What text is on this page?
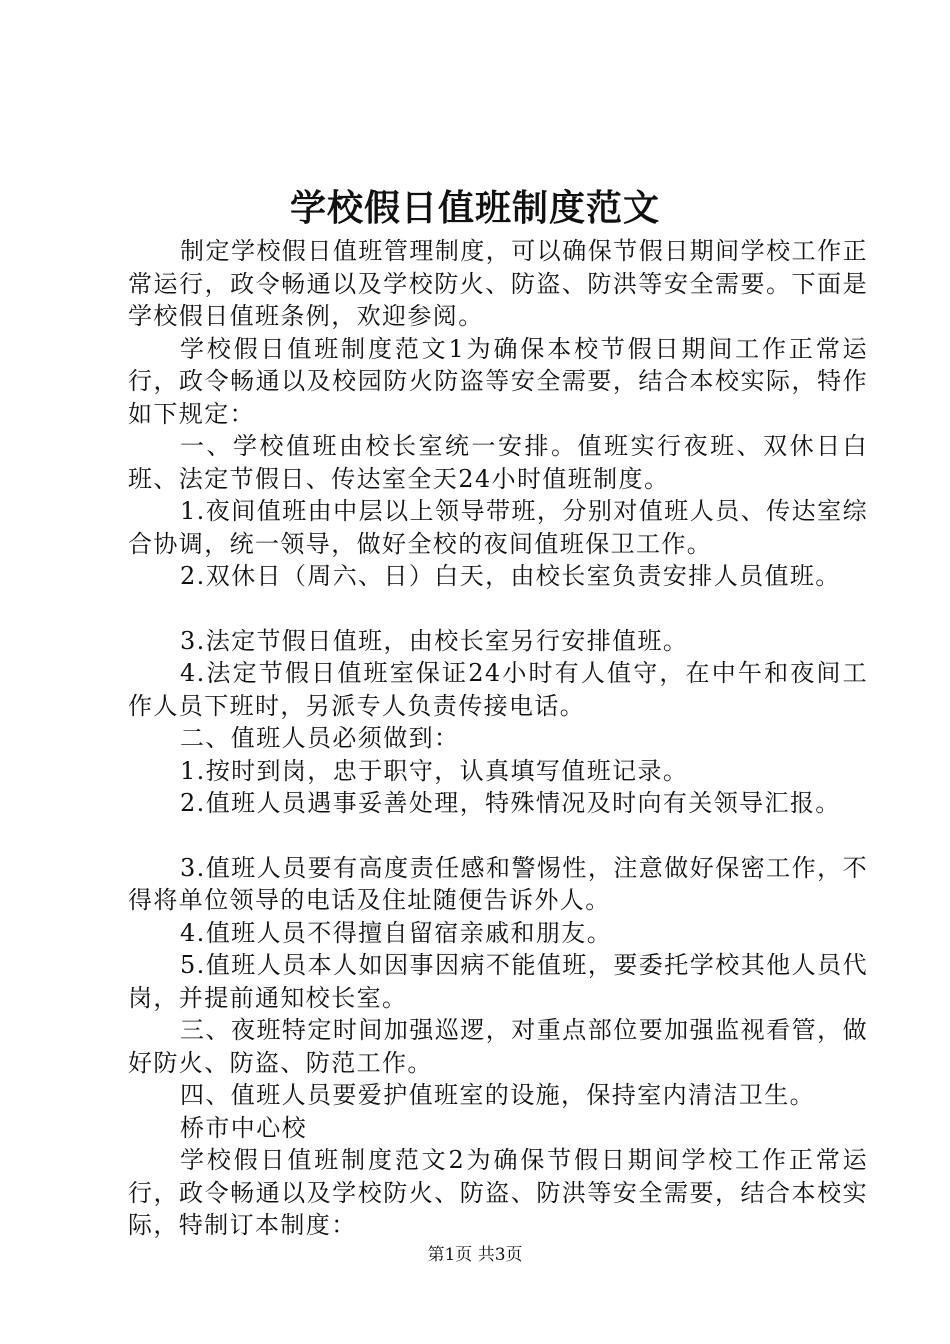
学校假日值班制度范文

制定学校假日值班管理制度，可以确保节假日期间学校工作正常运行，政令畅通以及学校防火、防盗、防洪等安全需要。下面是学校假日值班条例，欢迎参阅。

学校假日值班制度范文1为确保本校节假日期间工作正常运行，政令畅通以及校园防火防盗等安全需要，结合本校实际，特作如下规定：

一、学校值班由校长室统一安排。值班实行夜班、双休日白班、法定节假日、传达室全天24小时值班制度。

1.夜间值班由中层以上领导带班，分别对值班人员、传达室综合协调，统一领导，做好全校的夜间值班保卫工作。

2.双休日（周六、日）白天，由校长室负责安排人员值班。

3.法定节假日值班，由校长室另行安排值班。

4.法定节假日值班室保证24小时有人值守，在中午和夜间工作人员下班时，另派专人负责传接电话。

二、值班人员必须做到：

1.按时到岗，忠于职守，认真填写值班记录。

2.值班人员遇事妥善处理，特殊情况及时向有关领导汇报。

3.值班人员要有高度责任感和警惕性，注意做好保密工作，不得将单位领导的电话及住址随便告诉外人。

4.值班人员不得擅自留宿亲戚和朋友。

5.值班人员本人如因事因病不能值班，要委托学校其他人员代岗，并提前通知校长室。

三、夜班特定时间加强巡逻，对重点部位要加强监视看管，做好防火、防盗、防范工作。

四、值班人员要爱护值班室的设施，保持室内清洁卫生。

桥市中心校

学校假日值班制度范文2为确保节假日期间学校工作正常运行，政令畅通以及学校防火、防盗、防洪等安全需要，结合本校实际，特制订本制度：

第1页 共3页
